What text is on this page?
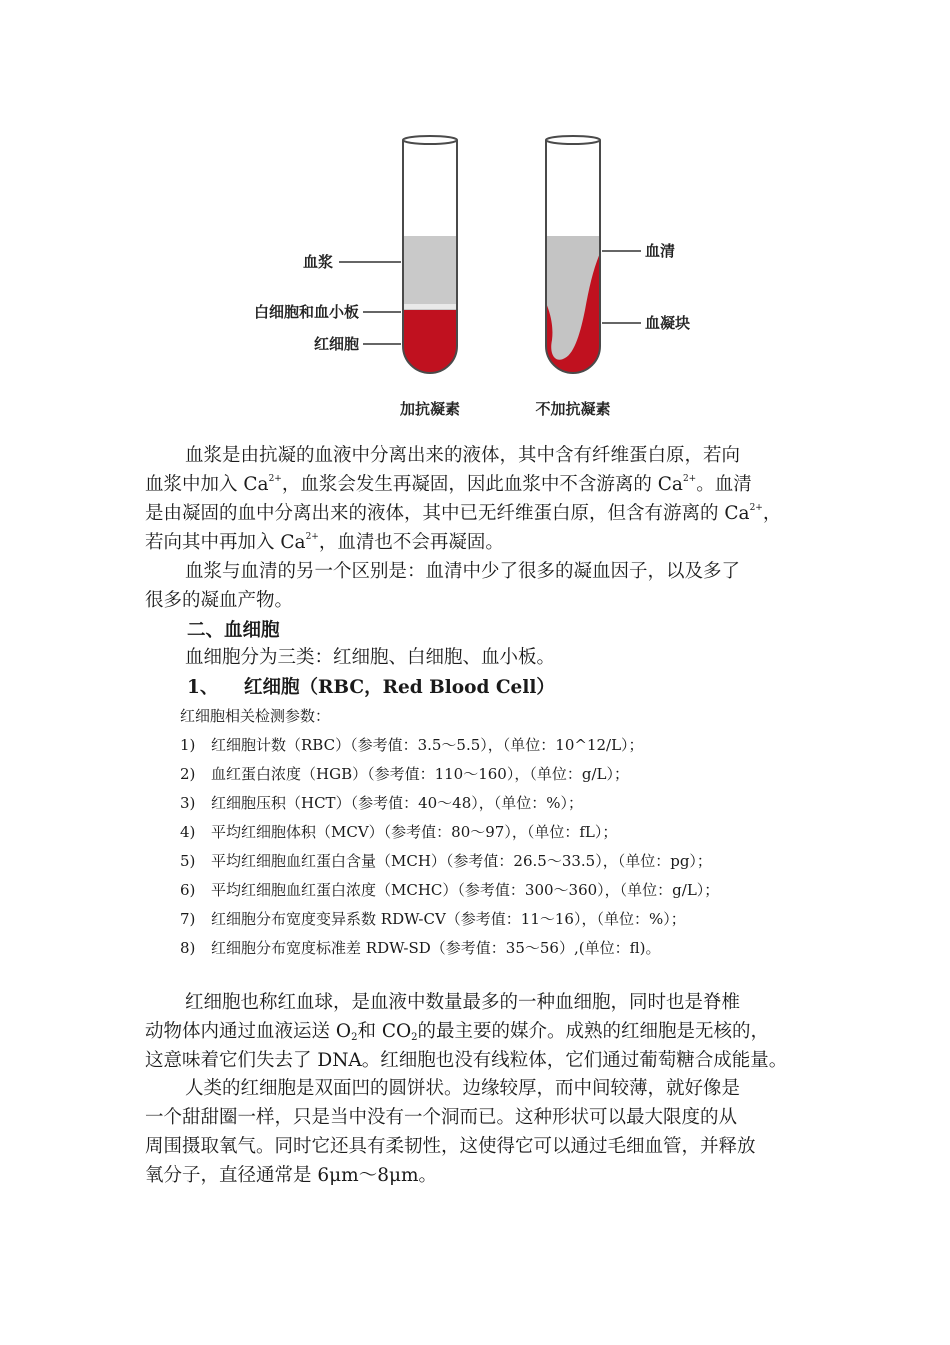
血浆
白细胞和血小板
红细胞
血清
血凝块
加抗凝素	不加抗凝素
血浆是由抗凝的血液中分离出来的液体，其中含有纤维蛋白原，若向
血浆中加入 $Ca^{2+}$，血浆会发生再凝固，因此血浆中不含游离的 $Ca^{2+}$。血清
是由凝固的血中分离出来的液体，其中已无纤维蛋白原，但含有游离的 $Ca^{2+}$，
若向其中再加入 $Ca^{2+}$，血清也不会再凝固。
血浆与血清的另一个区别是：血清中少了很多的凝血因子，以及多了
很多的凝血产物。
二、血细胞
血细胞分为三类：红细胞、白细胞、血小板。
1、 红细胞（RBC，Red Blood Cell）
红细胞相关检测参数：
1) 红细胞计数（RBC）（参考值：3.5～5.5），（单位：10^12/L）；
2) 血红蛋白浓度（HGB）（参考值：110～160），（单位：g/L）；
3) 红细胞压积（HCT）（参考值：40～48），（单位：%）；
4) 平均红细胞体积（MCV）（参考值：80～97），（单位：fL）；
5) 平均红细胞血红蛋白含量（MCH）（参考值：26.5～33.5），（单位：pg）；
6) 平均红细胞血红蛋白浓度（MCHC）（参考值：300～360），（单位：g/L）；
7) 红细胞分布宽度变异系数 RDW-CV（参考值：11～16），（单位：%）；
8) 红细胞分布宽度标准差 RDW-SD（参考值：35～56）,(单位：fl)。
红细胞也称红血球，是血液中数量最多的一种血细胞，同时也是脊椎
动物体内通过血液运送 $O_2$和 $CO_2$的最主要的媒介。成熟的红细胞是无核的，
这意味着它们失去了 DNA。红细胞也没有线粒体，它们通过葡萄糖合成能量。
人类的红细胞是双面凹的圆饼状。边缘较厚，而中间较薄，就好像是
一个甜甜圈一样，只是当中没有一个洞而已。这种形状可以最大限度的从
周围摄取氧气。同时它还具有柔韧性，这使得它可以通过毛细血管，并释放
氧分子，直径通常是 6μm～8μm。
